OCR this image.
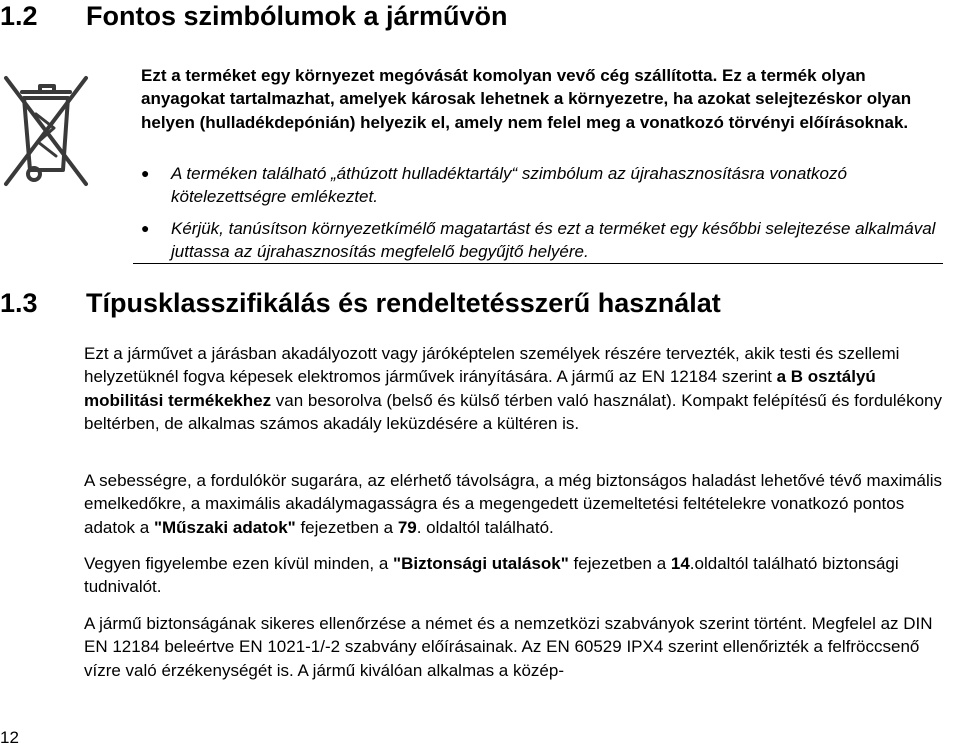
1.2 Fontos szimbólumok a járművön

Ezt a terméket egy környezet megóvását komolyan vevő cég szállította. Ez a termék olyan anyagokat tartalmazhat, amelyek károsak lehetnek a környezetre, ha azokat selejtezéskor olyan helyen (hulladékdepónián) helyezik el, amely nem felel meg a vonatkozó törvényi előírásoknak.

● A terméken található „áthúzott hulladéktartály“ szimbólum az újrahasznosításra vonatkozó kötelezettségre emlékeztet.
● Kérjük, tanúsítson környezetkímélő magatartást és ezt a terméket egy későbbi selejtezése alkalmával juttassa az újrahasznosítás megfelelő begyűjtő helyére.
1.3 Típusklasszifikálás és rendeltetésszerű használat

Ezt a járművet a járásban akadályozott vagy járóképtelen személyek részére tervezték, akik testi és szellemi helyzetüknél fogva képesek elektromos járművek irányítására. A jármű az EN 12184 szerint a B osztályú mobilitási termékekhez van besorolva (belső és külső térben való használat). Kompakt felépítésű és fordulékony beltérben, de alkalmas számos akadály leküzdésére a kültéren is.

A sebességre, a fordulókör sugarára, az elérhető távolságra, a még biztonságos haladást lehetővé tévő maximális emelkedőkre, a maximális akadálymagasságra és a megengedett üzemeltetési feltételekre vonatkozó pontos adatok a "Műszaki adatok" fejezetben a 79. oldaltól található.

Vegyen figyelembe ezen kívül minden, a "Biztonsági utalások" fejezetben a 14.oldaltól található biztonsági tudnivalót.

A jármű biztonságának sikeres ellenőrzése a német és a nemzetközi szabványok szerint történt. Megfelel az DIN EN 12184 beleértve EN 1021-1/-2 szabvány előírásainak. Az EN 60529 IPX4 szerint ellenőrizték a felfröccsenő vízre való érzékenységét is. A jármű kiválóan alkalmas a közép-

12
